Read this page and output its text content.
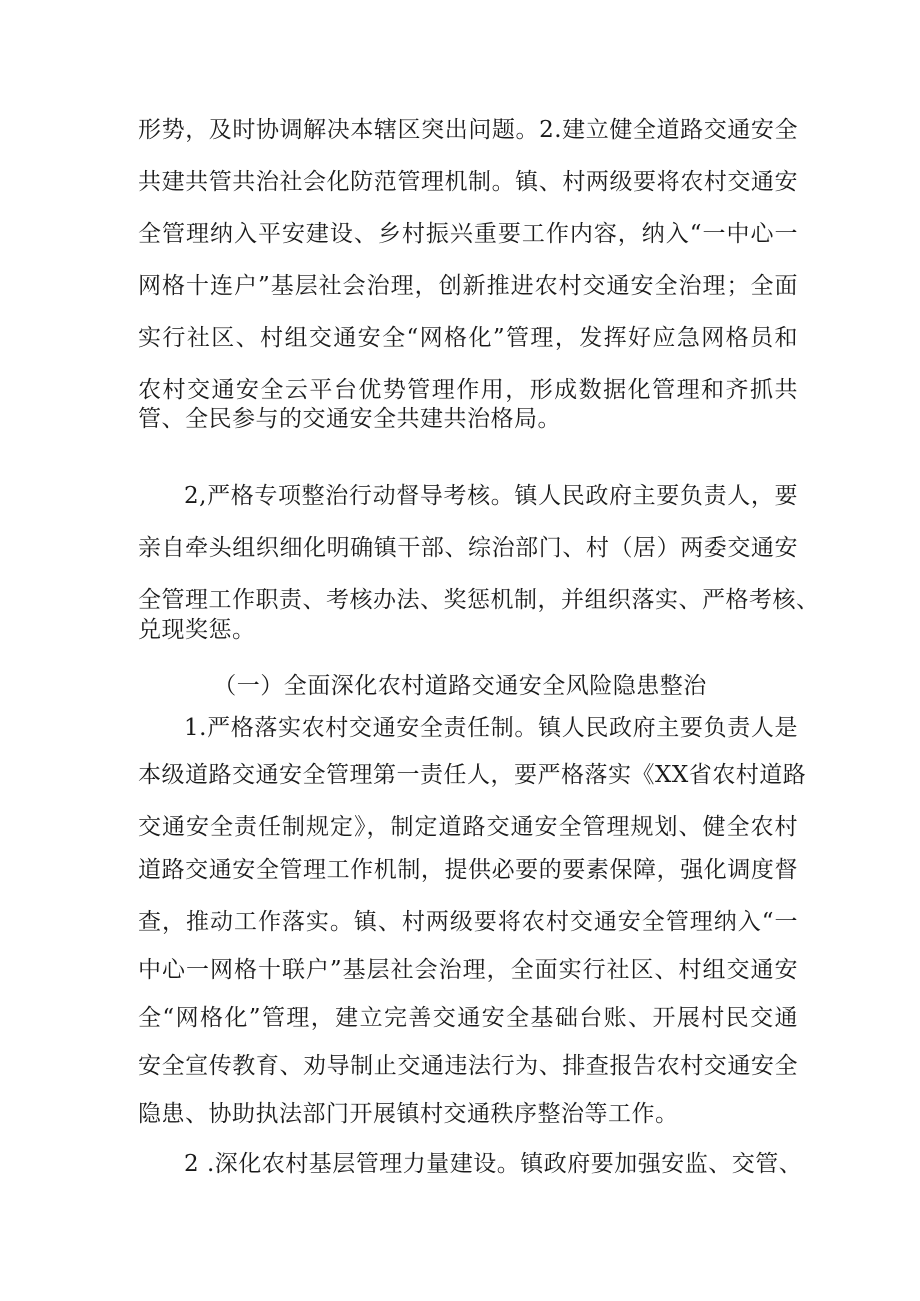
形势，及时协调解决本辖区突出问题。2.建立健全道路交通安全
共建共管共治社会化防范管理机制。镇、村两级要将农村交通安
全管理纳入平安建设、乡村振兴重要工作内容，纳入“一中心一
网格十连户”基层社会治理，创新推进农村交通安全治理；全面
实行社区、村组交通安全“网格化”管理，发挥好应急网格员和
农村交通安全云平台优势管理作用，形成数据化管理和齐抓共
管、全民参与的交通安全共建共治格局。
2,严格专项整治行动督导考核。镇人民政府主要负责人，要
亲自牵头组织细化明确镇干部、综治部门、村（居）两委交通安
全管理工作职责、考核办法、奖惩机制，并组织落实、严格考核、
兑现奖惩。
（一）全面深化农村道路交通安全风险隐患整治
1.严格落实农村交通安全责任制。镇人民政府主要负责人是
本级道路交通安全管理第一责任人，要严格落实《XX省农村道路
交通安全责任制规定》，制定道路交通安全管理规划、健全农村
道路交通安全管理工作机制，提供必要的要素保障，强化调度督
查，推动工作落实。镇、村两级要将农村交通安全管理纳入“一
中心一网格十联户”基层社会治理，全面实行社区、村组交通安
全“网格化”管理，建立完善交通安全基础台账、开展村民交通
安全宣传教育、劝导制止交通违法行为、排查报告农村交通安全
隐患、协助执法部门开展镇村交通秩序整治等工作。
2 .深化农村基层管理力量建设。镇政府要加强安监、交管、
